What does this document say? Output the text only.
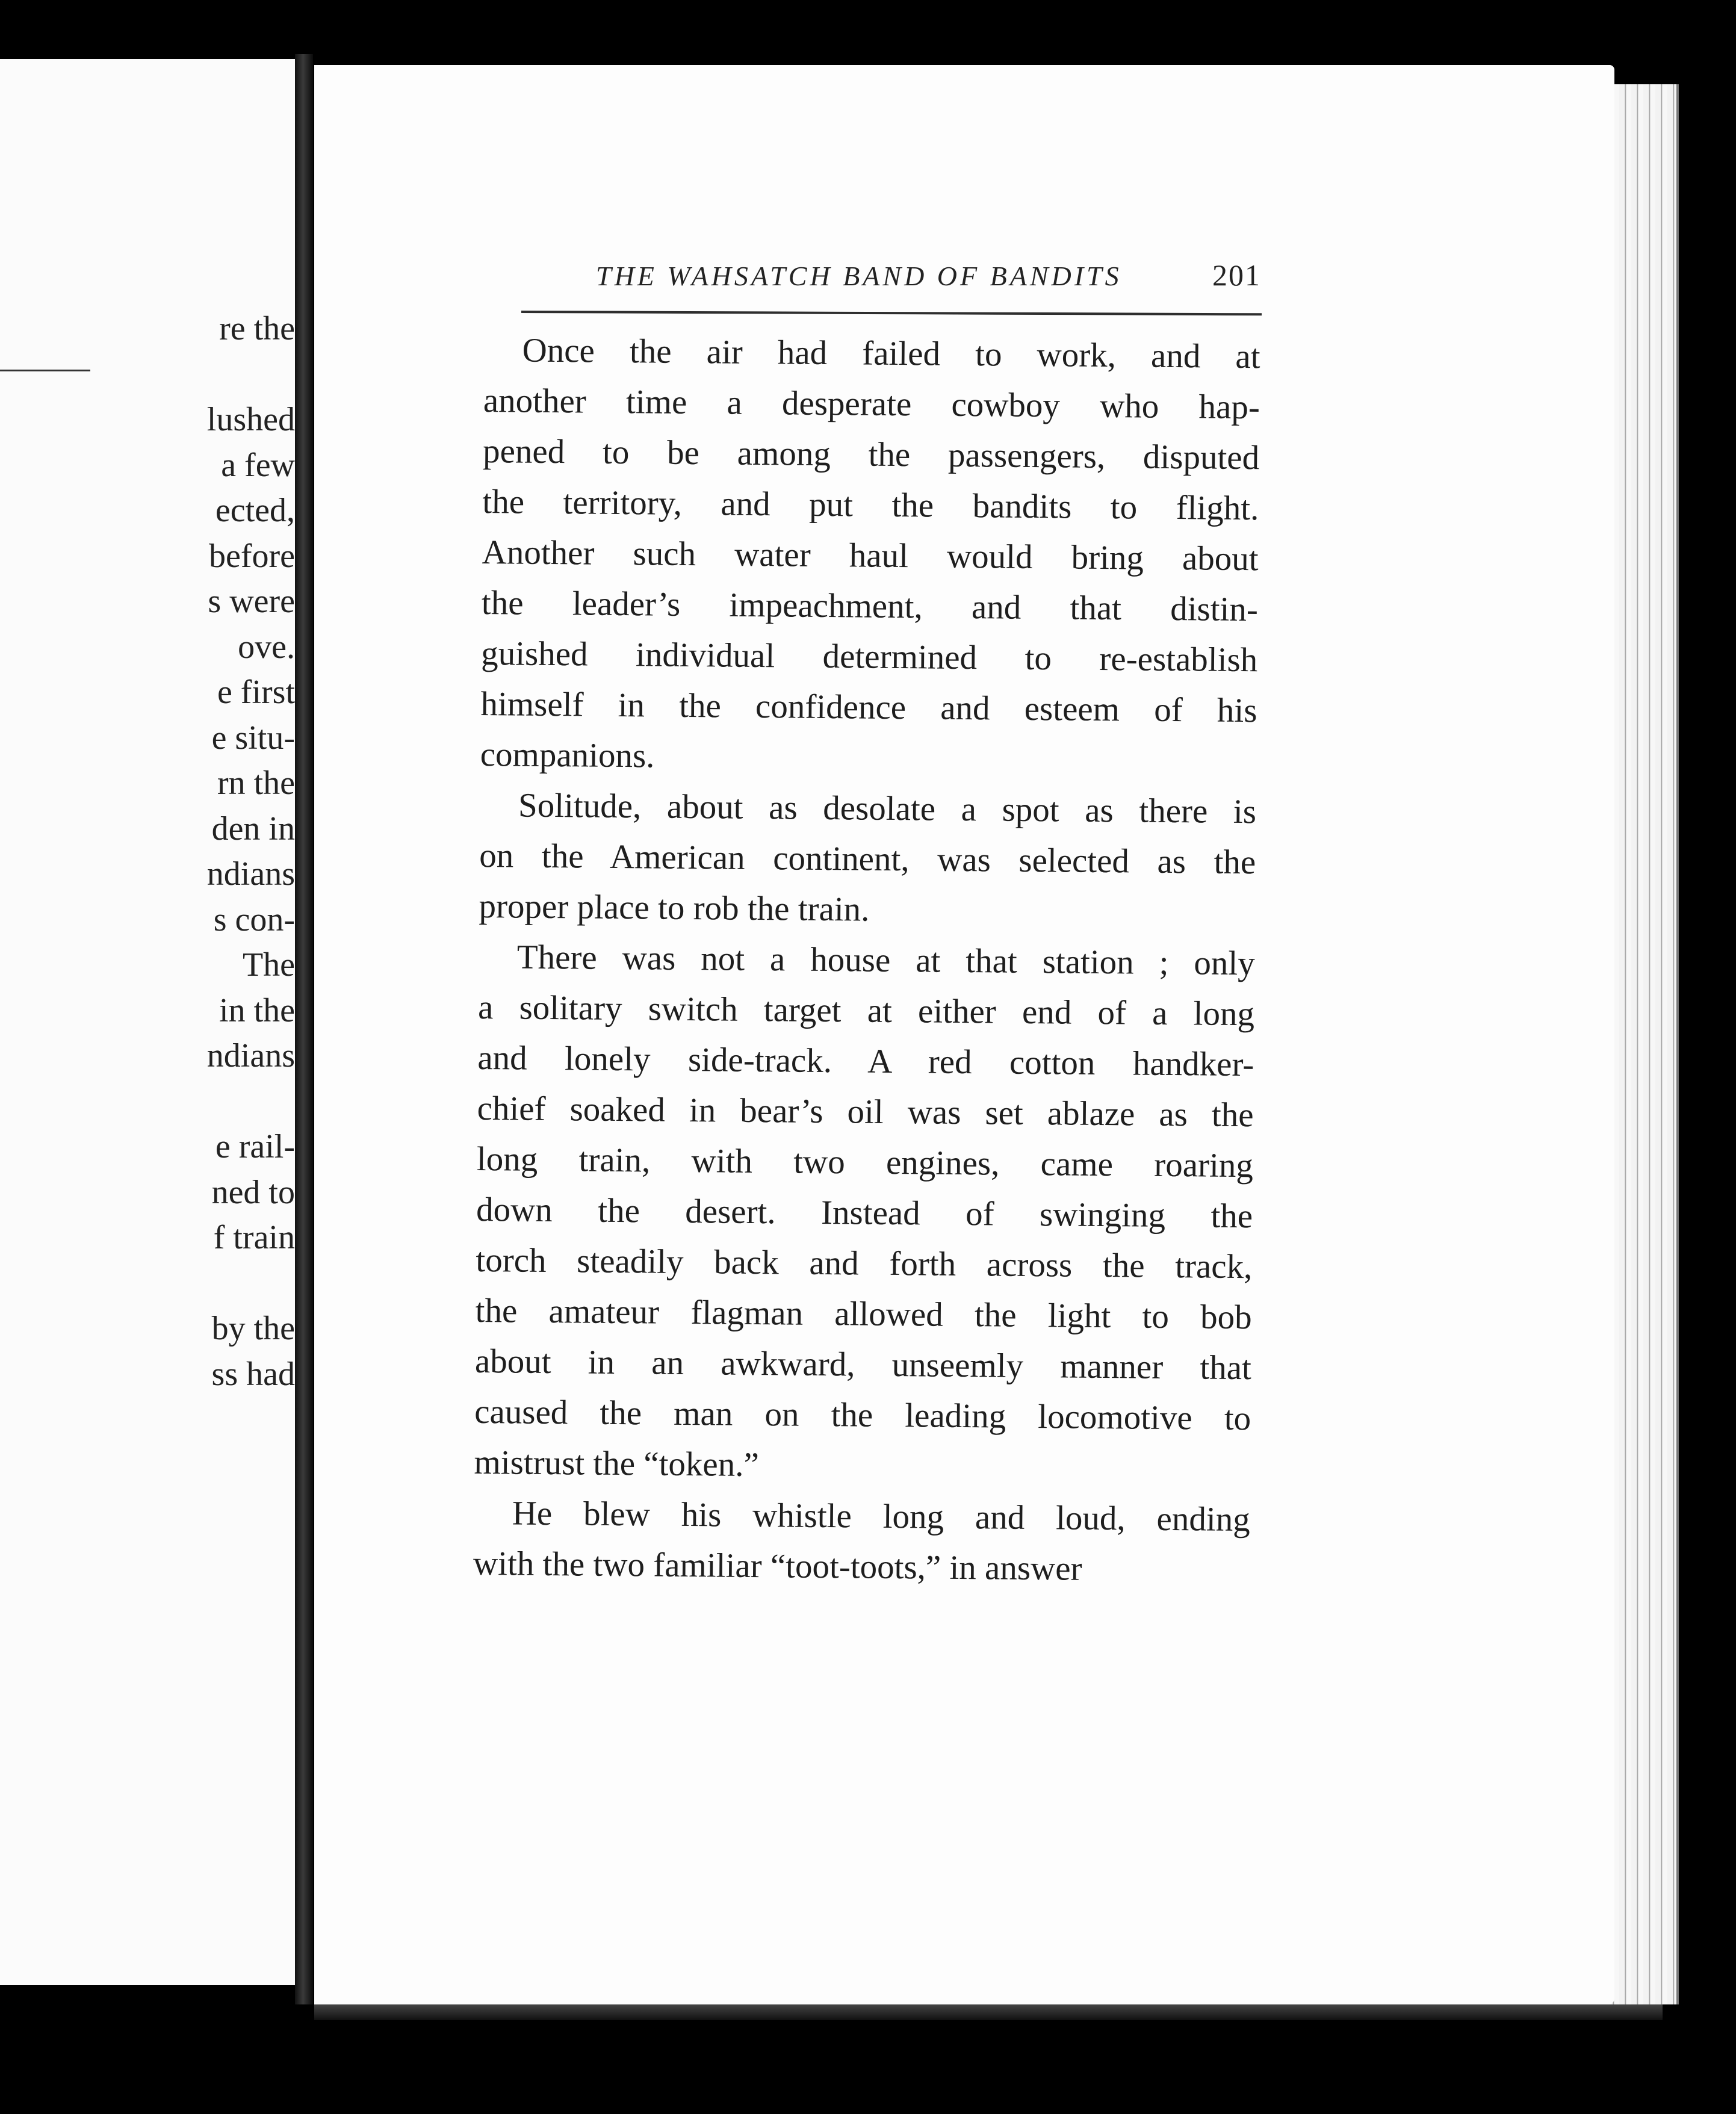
re the
lushed
a few
ected,
before
s were
ove.
e first
e situ-
rn the
den in
ndians
s con-
The
in the
ndians
e rail-
ned to
f train
by the
ss had
THE WAHSATCH BAND OF BANDITS	201
Once the air had failed to work, and at
another time a desperate cowboy who hap-
pened to be among the passengers, disputed
the territory, and put the bandits to flight.
Another such water haul would bring about
the leader’s impeachment, and that distin-
guished individual determined to re-establish
himself in the confidence and esteem of his
companions.
Solitude, about as desolate a spot as there is
on the American continent, was selected as the
proper place to rob the train.
There was not a house at that station ; only
a solitary switch target at either end of a long
and lonely side-track. A red cotton handker-
chief soaked in bear’s oil was set ablaze as the
long train, with two engines, came roaring
down the desert. Instead of swinging the
torch steadily back and forth across the track,
the amateur flagman allowed the light to bob
about in an awkward, unseemly manner that
caused the man on the leading locomotive to
mistrust the “token.”
He blew his whistle long and loud, ending
with the two familiar “toot-toots,” in answer
